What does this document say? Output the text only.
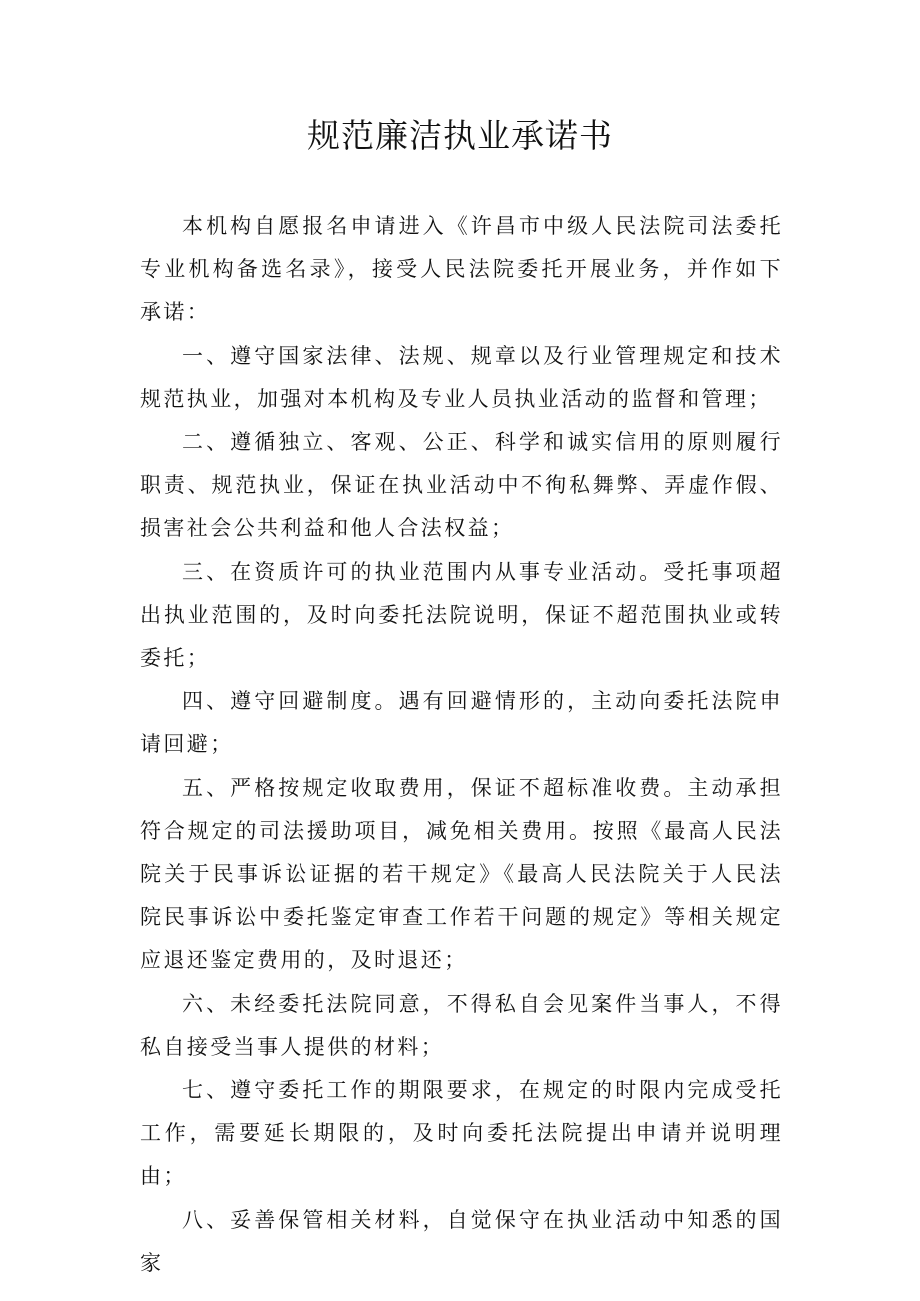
规范廉洁执业承诺书

本机构自愿报名申请进入《许昌市中级人民法院司法委托专业机构备选名录》，接受人民法院委托开展业务，并作如下承诺：

一、遵守国家法律、法规、规章以及行业管理规定和技术规范执业，加强对本机构及专业人员执业活动的监督和管理；

二、遵循独立、客观、公正、科学和诚实信用的原则履行职责、规范执业，保证在执业活动中不徇私舞弊、弄虚作假、损害社会公共利益和他人合法权益；

三、在资质许可的执业范围内从事专业活动。受托事项超出执业范围的，及时向委托法院说明，保证不超范围执业或转委托；

四、遵守回避制度。遇有回避情形的，主动向委托法院申请回避；

五、严格按规定收取费用，保证不超标准收费。主动承担符合规定的司法援助项目，减免相关费用。按照《最高人民法院关于民事诉讼证据的若干规定》《最高人民法院关于人民法院民事诉讼中委托鉴定审查工作若干问题的规定》等相关规定应退还鉴定费用的，及时退还；

六、未经委托法院同意，不得私自会见案件当事人，不得私自接受当事人提供的材料；

七、遵守委托工作的期限要求，在规定的时限内完成受托工作，需要延长期限的，及时向委托法院提出申请并说明理由；

八、妥善保管相关材料，自觉保守在执业活动中知悉的国家
